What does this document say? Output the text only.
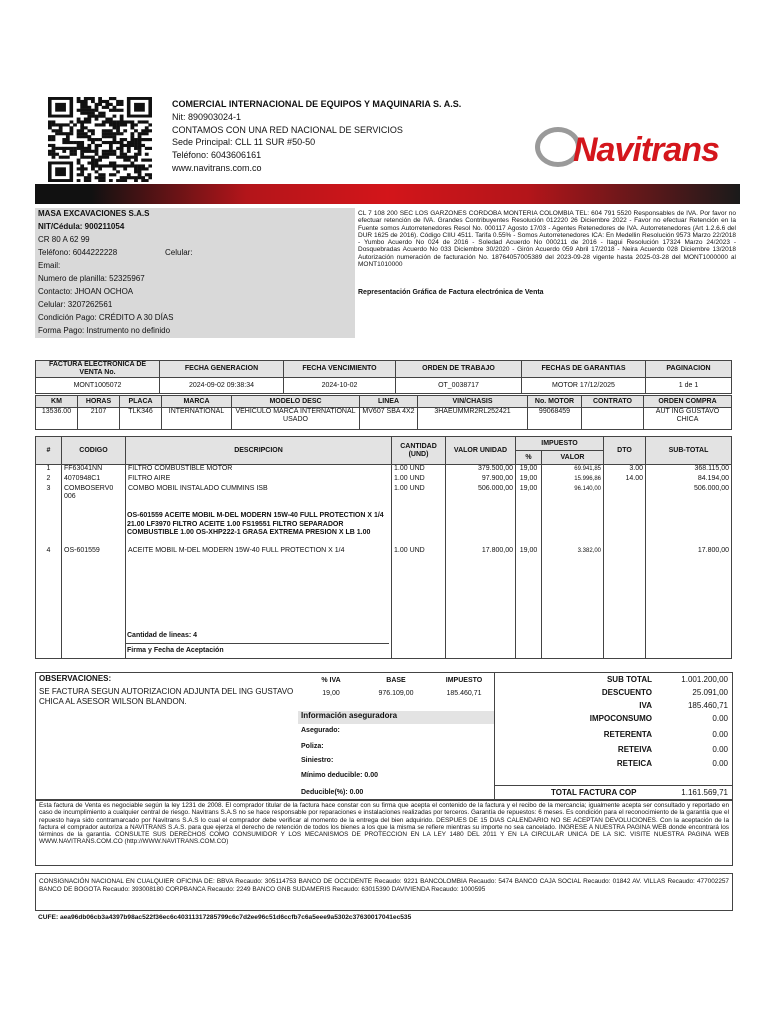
COMERCIAL INTERNACIONAL DE EQUIPOS Y MAQUINARIA S. A.S.
Nit: 890903024-1
CONTAMOS CON UNA RED NACIONAL DE SERVICIOS
Sede Principal: CLL 11 SUR #50-50
Teléfono: 6043606161
www.navitrans.com.co	Navitrans
MASA EXCAVACIONES S.A.S
NIT/Cédula: 900211054
CR 80 A 62 99
Teléfono: 6044222228	Celular:
Email:
Numero de planilla: 52325967
Contacto: JHOAN OCHOA
Celular: 3207262561
Condición Pago: CRÉDITO A 30 DÍAS
Forma Pago: Instrumento no definido
CL 7 108 200 SEC LOS GARZONES CORDOBA MONTERIA COLOMBIA TEL: 604 791 5520 Responsables de IVA. Por favor no efectuar retención de IVA. Grandes Contribuyentes Resolución 012220 26 Diciembre 2022 - Favor no efectuar Retención en la Fuente somos Autorretenedores Resol No. 000117 Agosto 17/03 - Agentes Retenedores de IVA. Autorretenedores (Art 1.2.6.6 del DUR 1625 de 2016). Código CIIU 4511. Tarifa 0.55% - Somos Autorretenedores ICA: En Medellin Resolución 9573 Marzo 22/2018 - Yumbo Acuerdo No 024 de 2016 - Soledad Acuerdo No 000211 de 2016 - Itagui Resolución 17324 Marzo 24/2023 - Dosquebradas Acuerdo No 033 Diciembre 30/2020 - Girón Acuerdo 059 Abril 17/2018 - Neira Acuerdo 028 Diciembre 13/2018 Autorización numeración de facturación No. 18764057005389 del 2023-09-28 vigente hasta 2025-03-28 del MONT1000000 al MONT1010000
Representación Gráfica de Factura electrónica de Venta
FACTURA ELECTRONICA DE VENTA No.	FECHA GENERACION	FECHA VENCIMIENTO	ORDEN DE TRABAJO	FECHAS DE GARANTIAS	PAGINACION
MONT1005072	2024-09-02 09:38:34	2024-10-02	OT_0038717	MOTOR 17/12/2025	1 de 1
KM	HORAS	PLACA	MARCA	MODELO DESC	LINEA	VIN/CHASIS	No. MOTOR	CONTRATO	ORDEN COMPRA
13536.00	2107	TLK346	INTERNATIONAL	VEHICULO MARCA INTERNATIONAL USADO	MV607 SBA 4X2	3HAEUMMR2RL252421	99068459		AUT ING GUSTAVO CHICA
#	CODIGO	DESCRIPCION	CANTIDAD (UND)	VALOR UNIDAD	IMPUESTO		DTO	SUB-TOTAL
					%	VALOR		
1	FF63041NN	FILTRO COMBUSTIBLE MOTOR	1.00 UND	379.500,00	19,00	69.941,85	3.00	368.115,00
2	4070948C1	FILTRO AIRE	1.00 UND	97.900,00	19,00	15.996,86	14.00	84.194,00
3	COMBOSERV0 006	COMBO MOBIL INSTALADO CUMMINS ISB	1.00 UND	506.000,00	19,00	96.140,00		506.000,00
4	OS-601559	ACEITE MOBIL M-DEL MODERN 15W-40 FULL PROTECTION X 1/4	1.00 UND	17.800,00	19,00	3.382,00		17.800,00

OS-601559 ACEITE MOBIL M-DEL MODERN 15W-40 FULL PROTECTION X 1/4 21.00 LF3970 FILTRO ACEITE 1.00 FS19551 FILTRO SEPARADOR COMBUSTIBLE 1.00 OS-XHP222-1 GRASA EXTREMA PRESION X LB 1.00
Cantidad de lineas: 4
Firma y Fecha de Aceptación
OBSERVACIONES:
SE FACTURA SEGUN AUTORIZACION ADJUNTA DEL ING GUSTAVO CHICA AL ASESOR WILSON BLANDON.
% IVA	BASE	IMPUESTO
19,00	976.109,00	185.460,71
Información aseguradora
Asegurado:
Poliza:
Siniestro:
Mínimo deducible: 0.00
Deducible(%): 0.00
SUB TOTAL	1.001.200,00
DESCUENTO	25.091,00
IVA	185.460,71
IMPOCONSUMO	0.00
RETERENTA	0.00
RETEIVA	0.00
RETEICA	0.00
TOTAL FACTURA COP	1.161.569,71
Esta factura de Venta es negociable según la ley 1231 de 2008. El comprador titular de la factura hace constar con su firma que acepta el contenido de la factura y el recibo de la mercancía; igualmente acepta ser consultado y reportado en caso de incumplimiento a cualquier central de riesgo. Navitrans S.A.S no se hace responsable por reparaciones e instalaciones realizadas por terceros. Garantía de repuestos: 6 meses. Es condición para el reconocimiento de la garantía que el repuesto haya sido contramarcado por Navitrans S.A.S lo cual el comprador debe verificar al momento de la entrega del bien adquirido. DESPUES DE 15 DIAS CALENDARIO NO SE ACEPTAN DEVOLUCIONES. Con la aceptación de la factura el comprador autoriza a NAVITRANS S.A.S. para que ejerza el derecho de retención de todos los bienes a los que la misma se refiere mientras su importe no sea cancelado. INGRESE A NUESTRA PAGINA WEB donde encontrará los términos de la garantía. CONSULTE SUS DERECHOS COMO CONSUMIDOR Y LOS MECANISMOS DE PROTECCION EN LA LEY 1480 DEL 2011 Y EN LA CIRCULAR UNICA DE LA SIC. VISITE NUESTRA PAGINA WEB WWW.NAVITRANS.COM.CO (http://WWW.NAVITRANS.COM.CO)
CONSIGNACIÓN NACIONAL EN CUALQUIER OFICINA DE: BBVA Recaudo: 305114753 BANCO DE OCCIDENTE Recaudo: 9221 BANCOLOMBIA Recaudo: 5474 BANCO CAJA SOCIAL Recaudo: 01842 AV. VILLAS Recaudo: 477002257 BANCO DE BOGOTA Recaudo: 393008180 CORPBANCA Recaudo: 2249 BANCO GNB SUDAMERIS Recaudo: 63015390 DAVIVIENDA Recaudo: 1000595
CUFE: aea96db06cb3a4397b98ac522f36ec6c40311317285799c6c7d2ee96c51d6ccfb7c6a5eee9a5302c37630017041ec535
